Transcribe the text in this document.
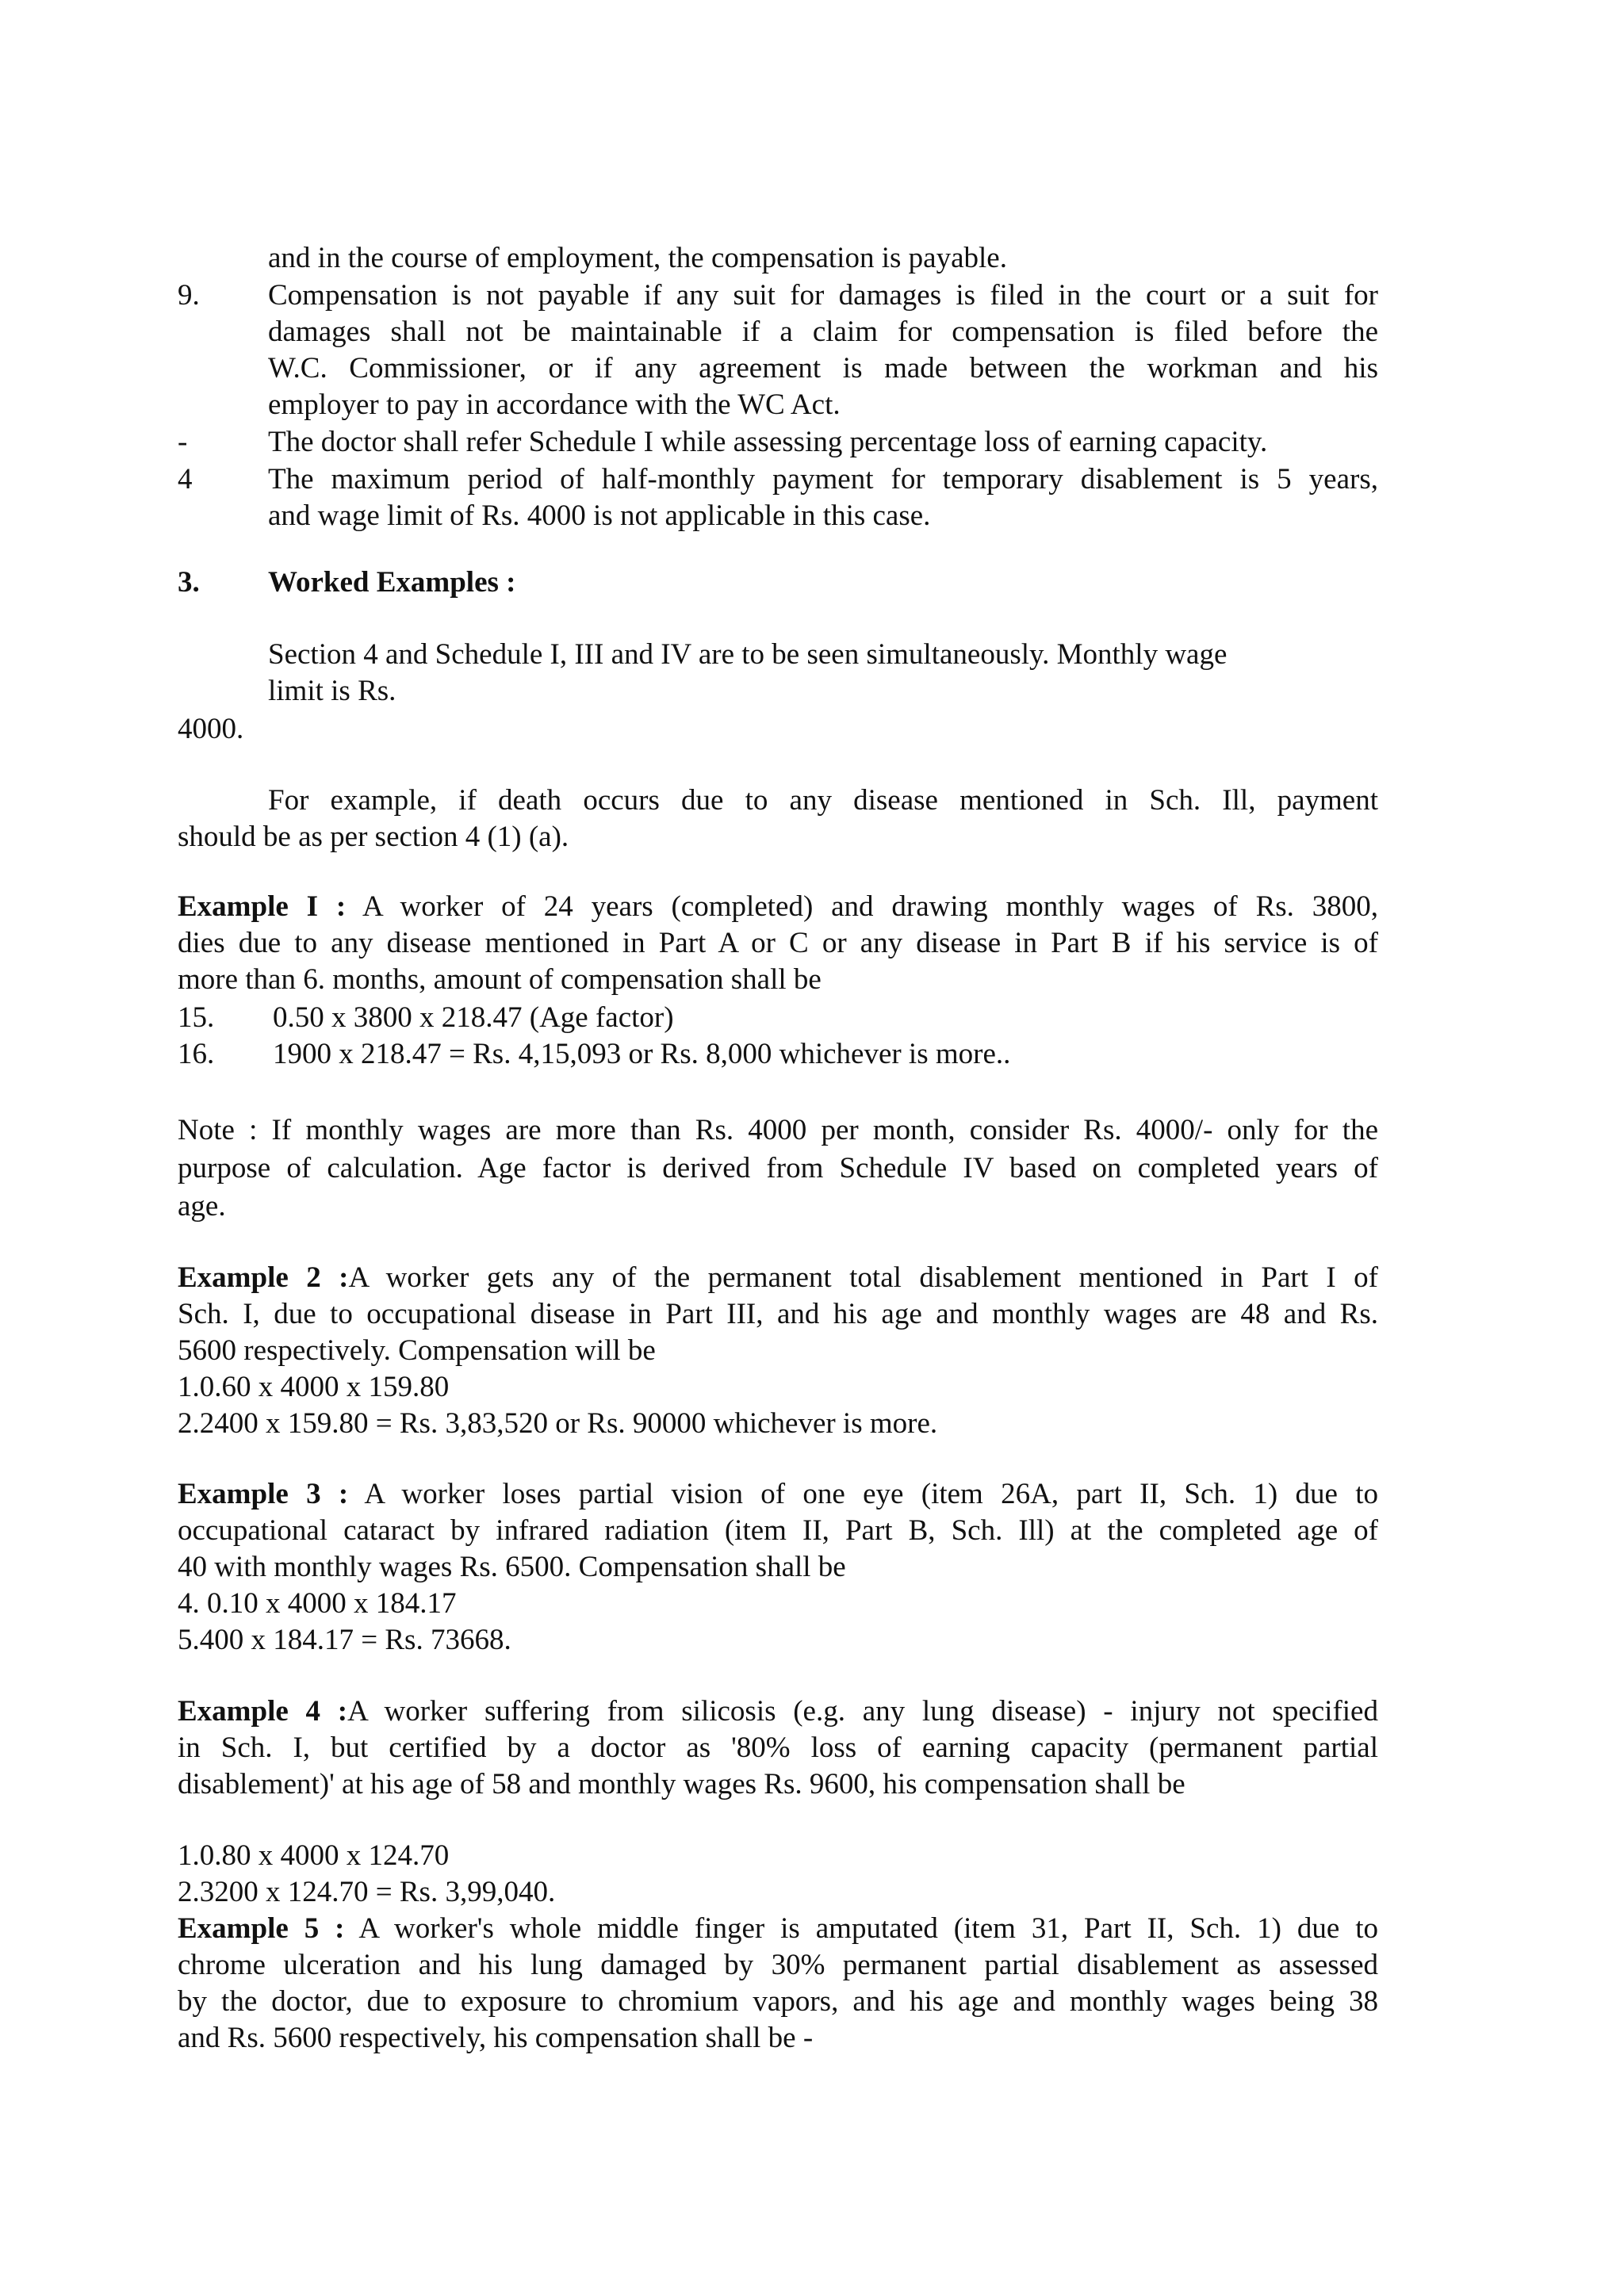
and in the course of employment, the compensation is payable.
9. Compensation is not payable if any suit for damages is filed in the court or a suit for
damages shall not be maintainable if a claim for compensation is filed before the
W.C. Commissioner, or if any agreement is made between the workman and his
employer to pay in accordance with the WC Act.
-	The doctor shall refer Schedule I while assessing percentage loss of earning capacity.
4	The maximum period of half-monthly payment for temporary disablement is 5 years,
and wage limit of Rs. 4000 is not applicable in this case.
3. Worked Examples :
Section 4 and Schedule I, III and IV are to be seen simultaneously. Monthly wage
limit is Rs.
4000.
For example, if death occurs due to any disease mentioned in Sch. Ill, payment
should be as per section 4 (1) (a).
Example I : A worker of 24 years (completed) and drawing monthly wages of Rs. 3800,
dies due to any disease mentioned in Part A or C or any disease in Part B if his service is of
more than 6. months, amount of compensation shall be
15. 0.50 x 3800 x 218.47 (Age factor)
16. 1900 x 218.47 = Rs. 4,15,093 or Rs. 8,000 whichever is more..
Note : If monthly wages are more than Rs. 4000 per month, consider Rs. 4000/- only for the
purpose of calculation. Age factor is derived from Schedule IV based on completed years of
age.
Example 2 :A worker gets any of the permanent total disablement mentioned in Part I of
Sch. I, due to occupational disease in Part III, and his age and monthly wages are 48 and Rs.
5600 respectively. Compensation will be
1.0.60 x 4000 x 159.80
2.2400 x 159.80 = Rs. 3,83,520 or Rs. 90000 whichever is more.
Example 3 : A worker loses partial vision of one eye (item 26A, part II, Sch. 1) due to
occupational cataract by infrared radiation (item II, Part B, Sch. Ill) at the completed age of
40 with monthly wages Rs. 6500. Compensation shall be
4. 0.10 x 4000 x 184.17
5.400 x 184.17 = Rs. 73668.
Example 4 :A worker suffering from silicosis (e.g. any lung disease) - injury not specified
in Sch. I, but certified by a doctor as '80% loss of earning capacity (permanent partial
disablement)' at his age of 58 and monthly wages Rs. 9600, his compensation shall be
1.0.80 x 4000 x 124.70
2.3200 x 124.70 = Rs. 3,99,040.
Example 5 : A worker's whole middle finger is amputated (item 31, Part II, Sch. 1) due to
chrome ulceration and his lung damaged by 30% permanent partial disablement as assessed
by the doctor, due to exposure to chromium vapors, and his age and monthly wages being 38
and Rs. 5600 respectively, his compensation shall be -
